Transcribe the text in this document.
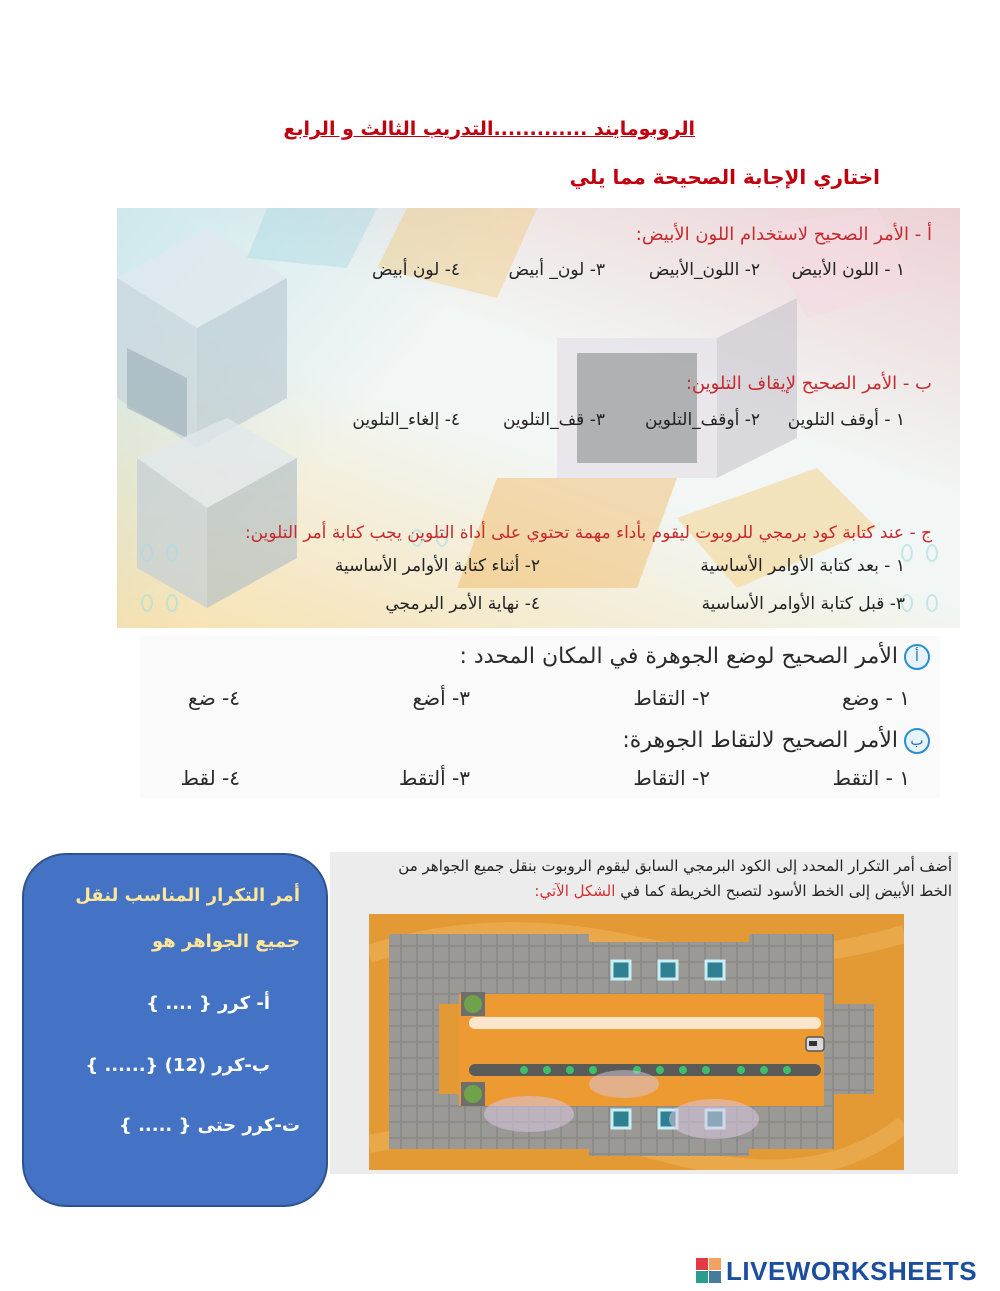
الروبومايند .............التدريب الثالث و الرابع
اختاري الإجابة الصحيحة مما يلي
أ - الأمر الصحيح لاستخدام اللون الأبيض:
١ - اللون الأبيض
٢- اللون_الأبيض
٣- لون_ أبيض
٤- لون أبيض
ب - الأمر الصحيح لإيقاف التلوين:
١ - أوقف التلوين
٢- أوقف_التلوين
٣- قف_التلوين
٤- إلغاء_التلوين
ج - عند كتابة كود برمجي للروبوت ليقوم بأداء مهمة تحتوي على أداة التلوين يجب كتابة أمر التلوين:
١ - بعد كتابة الأوامر الأساسية
٢- أثناء كتابة الأوامر الأساسية
٣- قبل كتابة الأوامر الأساسية
٤- نهاية الأمر البرمجي
أالأمر الصحيح لوضع الجوهرة في المكان المحدد :
١ - وضع
٢- التقاط
٣- أضع
٤- ضع
بالأمر الصحيح لالتقاط الجوهرة:
١ - التقط
٢- التقاط
٣- ألتقط
٤- لقط
أمر التكرار المناسب لنقل
جميع الجواهر هو
أ- كرر { .... }
ب-كرر (12) {...... }
ت-كرر حتى { ..... }
أضف أمر التكرار المحدد إلى الكود البرمجي السابق ليقوم الروبوت بنقل جميع الجواهر من
الخط الأبيض إلى الخط الأسود لتصبح الخريطة كما في الشكل الآتي:
LIVEWORKSHEETS
